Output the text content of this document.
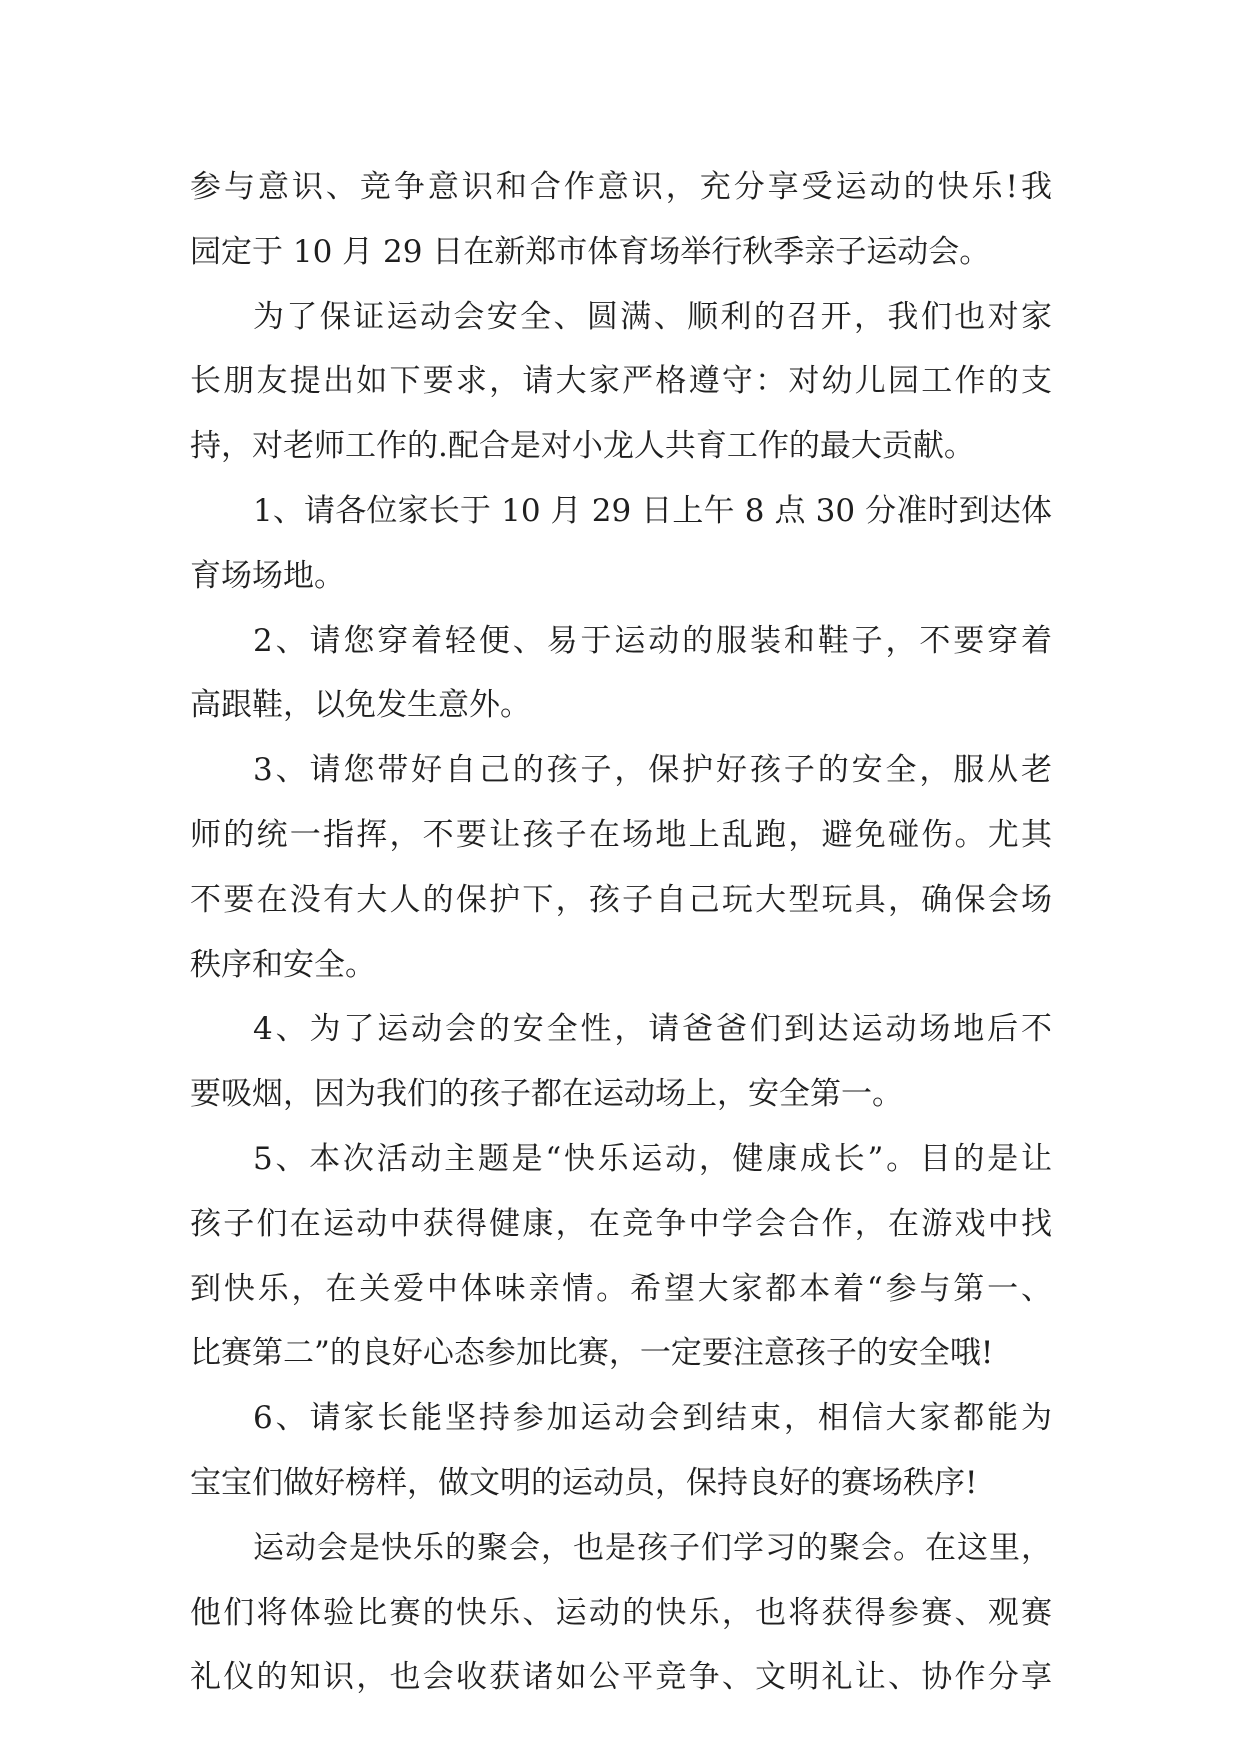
参与意识、竞争意识和合作意识，充分享受运动的快乐!我
园定于 10 月 29 日在新郑市体育场举行秋季亲子运动会。
为了保证运动会安全、圆满、顺利的召开，我们也对家
长朋友提出如下要求，请大家严格遵守：对幼儿园工作的支
持，对老师工作的.配合是对小龙人共育工作的最大贡献。
1、请各位家长于 10 月 29 日上午 8 点 30 分准时到达体
育场场地。
2、请您穿着轻便、易于运动的服装和鞋子，不要穿着
高跟鞋，以免发生意外。
3、请您带好自己的孩子，保护好孩子的安全，服从老
师的统一指挥，不要让孩子在场地上乱跑，避免碰伤。尤其
不要在没有大人的保护下，孩子自己玩大型玩具，确保会场
秩序和安全。
4、为了运动会的安全性，请爸爸们到达运动场地后不
要吸烟，因为我们的孩子都在运动场上，安全第一。
5、本次活动主题是“快乐运动，健康成长”。目的是让
孩子们在运动中获得健康，在竞争中学会合作，在游戏中找
到快乐，在关爱中体味亲情。希望大家都本着“参与第一、
比赛第二”的良好心态参加比赛，一定要注意孩子的安全哦!
6、请家长能坚持参加运动会到结束，相信大家都能为
宝宝们做好榜样，做文明的运动员，保持良好的赛场秩序!
运动会是快乐的聚会，也是孩子们学习的聚会。在这里，
他们将体验比赛的快乐、运动的快乐，也将获得参赛、观赛
礼仪的知识，也会收获诸如公平竞争、文明礼让、协作分享
